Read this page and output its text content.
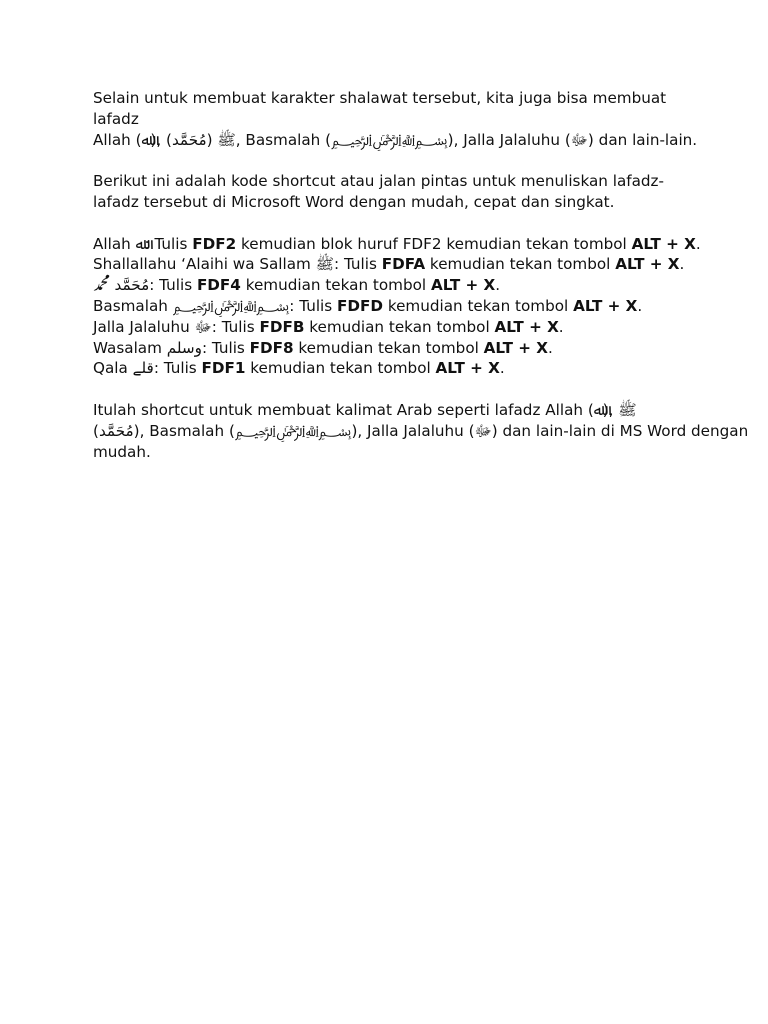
Selain untuk membuat karakter shalawat tersebut, kita juga bisa membuat
lafadz
Allah (ﷲ), (مُحَمَّد) ﷺ, Basmalah (﷽), Jalla Jalaluhu (ﷻ) dan lain-lain.

Berikut ini adalah kode shortcut atau jalan pintas untuk menuliskan lafadz-
lafadz tersebut di Microsoft Word dengan mudah, cepat dan singkat.

Allah ﷲ: Tulis FDF2 kemudian blok huruf FDF2 kemudian tekan tombol ALT + X.
Shallallahu ‘Alaihi wa Sallam ﷺ: Tulis FDFA kemudian tekan tombol ALT + X.
مُحَمَّد ﷴ: Tulis FDF4 kemudian tekan tombol ALT + X.
Basmalah ﷽: Tulis FDFD kemudian tekan tombol ALT + X.
Jalla Jalaluhu ﷻ: Tulis FDFB kemudian tekan tombol ALT + X.
Wasalam وسلم: Tulis FDF8 kemudian tekan tombol ALT + X.
Qala قلے: Tulis FDF1 kemudian tekan tombol ALT + X.

Itulah shortcut untuk membuat kalimat Arab seperti lafadz Allah (ﷲ), ﷺ
(مُحَمَّد), Basmalah (﷽), Jalla Jalaluhu (ﷻ) dan lain-lain di MS Word dengan
mudah.
